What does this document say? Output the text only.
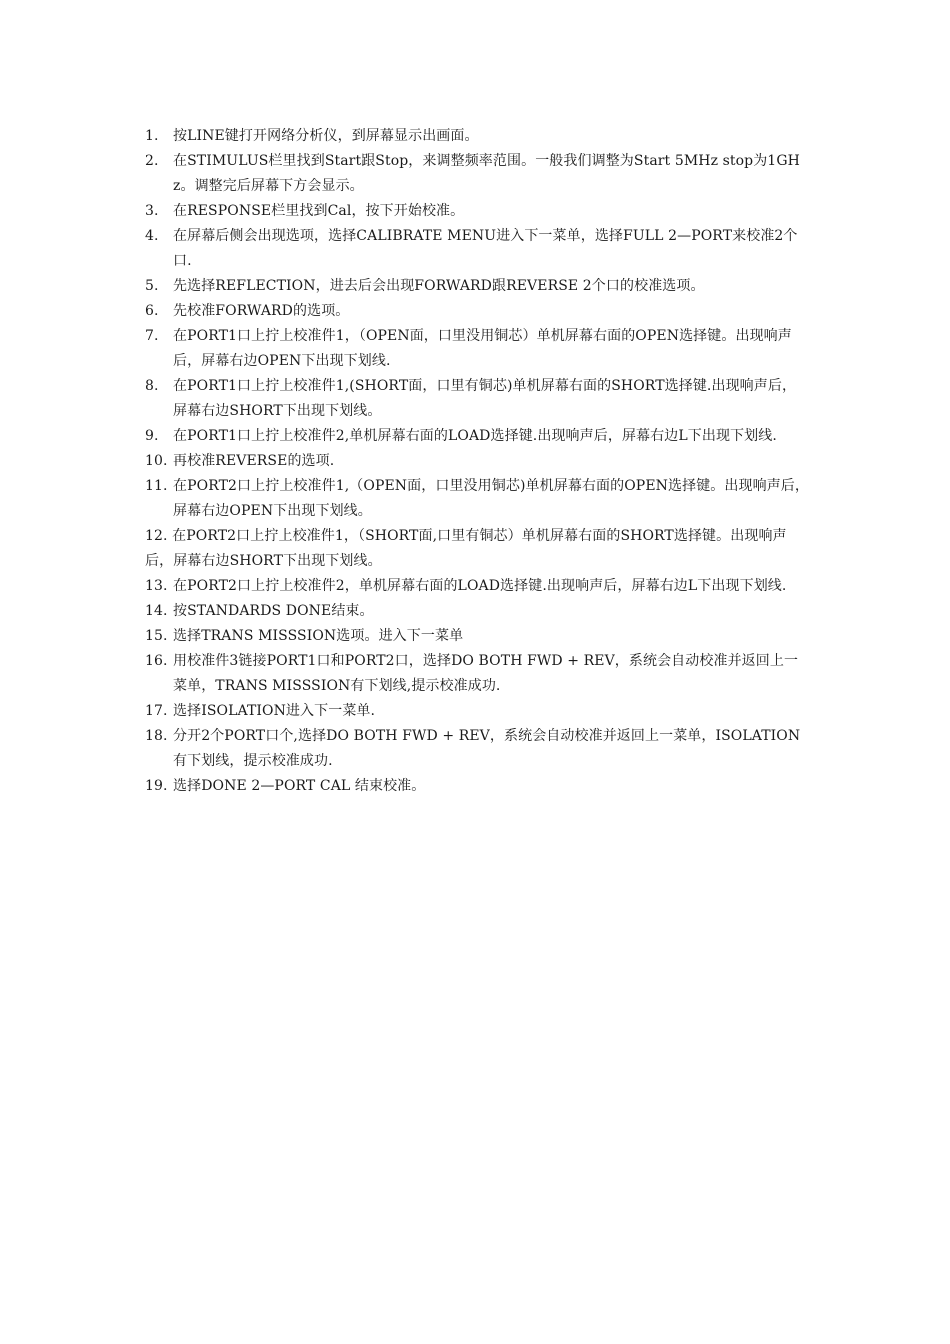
1.	按LINE键打开网络分析仪，到屏幕显示出画面。
2.	在STIMULUS栏里找到Start跟Stop，来调整频率范围。一般我们调整为Start 5MHz stop为1GHz。调整完后屏幕下方会显示。
3.	在RESPONSE栏里找到Cal，按下开始校准。
4.	在屏幕后侧会出现选项，选择CALIBRATE MENU进入下一菜单，选择FULL 2—PORT来校准2个口.
5.	先选择REFLECTION，进去后会出现FORWARD跟REVERSE 2个口的校准选项。
6.	先校准FORWARD的选项。
7.	在PORT1口上拧上校准件1，（OPEN面，口里没用铜芯）单机屏幕右面的OPEN选择键。出现响声后，屏幕右边OPEN下出现下划线.
8.	在PORT1口上拧上校准件1,(SHORT面，口里有铜芯)单机屏幕右面的SHORT选择键.出现响声后，屏幕右边SHORT下出现下划线。
9.	在PORT1口上拧上校准件2,单机屏幕右面的LOAD选择键.出现响声后，屏幕右边L下出现下划线.
10. 再校准REVERSE的选项.
11. 在PORT2口上拧上校准件1,（OPEN面，口里没用铜芯)单机屏幕右面的OPEN选择键。出现响声后，屏幕右边OPEN下出现下划线。
12. 在PORT2口上拧上校准件1，（SHORT面,口里有铜芯）单机屏幕右面的SHORT选择键。出现响声后，屏幕右边SHORT下出现下划线。
13. 在PORT2口上拧上校准件2，单机屏幕右面的LOAD选择键.出现响声后，屏幕右边L下出现下划线.
14. 按STANDARDS DONE结束。
15. 选择TRANS MISSSION选项。进入下一菜单
16. 用校准件3链接PORT1口和PORT2口，选择DO BOTH FWD + REV，系统会自动校准并返回上一菜单，TRANS MISSSION有下划线,提示校准成功.
17. 选择ISOLATION进入下一菜单.
18. 分开2个PORT口个,选择DO BOTH FWD + REV，系统会自动校准并返回上一菜单，ISOLATION有下划线，提示校准成功.
19. 选择DONE 2—PORT CAL 结束校准。
